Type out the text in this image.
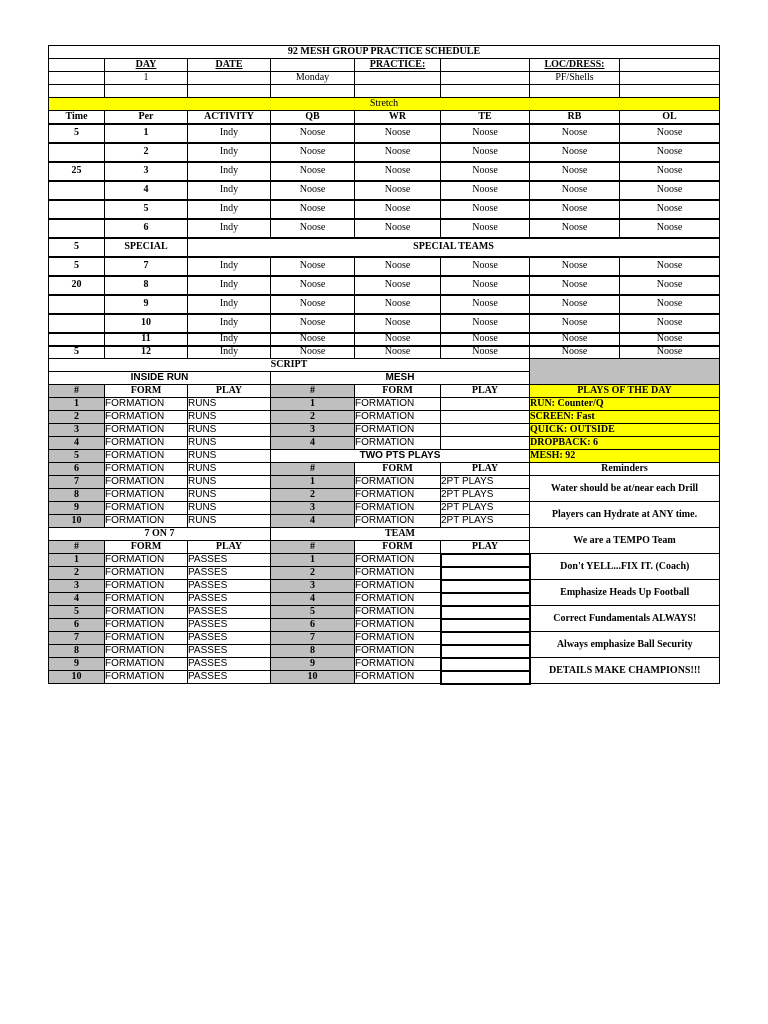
92 MESH GROUP PRACTICE SCHEDULE							
	DAY	DATE		PRACTICE:		LOC/DRESS:	
	1		Monday			PF/Shells	

Stretch							
Time	Per	ACTIVITY	QB	WR	TE	RB	OL
5	1	Indy	Noose	Noose	Noose	Noose	Noose
	2	Indy	Noose	Noose	Noose	Noose	Noose
25	3	Indy	Noose	Noose	Noose	Noose	Noose
	4	Indy	Noose	Noose	Noose	Noose	Noose
	5	Indy	Noose	Noose	Noose	Noose	Noose
	6	Indy	Noose	Noose	Noose	Noose	Noose
5	SPECIAL	SPECIAL TEAMS					
5	7	Indy	Noose	Noose	Noose	Noose	Noose
20	8	Indy	Noose	Noose	Noose	Noose	Noose
	9	Indy	Noose	Noose	Noose	Noose	Noose
	10	Indy	Noose	Noose	Noose	Noose	Noose
	11	Indy	Noose	Noose	Noose	Noose	Noose
5	12	Indy	Noose	Noose	Noose	Noose	Noose
SCRIPT						
INSIDE RUN			MESH			
#	FORM	PLAY	#	FORM	PLAY	PLAYS OF THE DAY
1	FORMATION	RUNS	1	FORMATION		RUN: Counter/Q
2	FORMATION	RUNS	2	FORMATION		SCREEN: Fast
3	FORMATION	RUNS	3	FORMATION		QUICK: OUTSIDE
4	FORMATION	RUNS	4	FORMATION		DROPBACK: 6
5	FORMATION	RUNS	TWO PTS PLAYS			MESH: 92
6	FORMATION	RUNS	#	FORM	PLAY	Reminders
7	FORMATION	RUNS	1	FORMATION	2PT PLAYS	Water should be at/near each Drill
8	FORMATION	RUNS	2	FORMATION	2PT PLAYS	
9	FORMATION	RUNS	3	FORMATION	2PT PLAYS	Players can Hydrate at ANY time.
10	FORMATION	RUNS	4	FORMATION	2PT PLAYS	
7 ON 7			TEAM			We are a TEMPO Team
#	FORM	PLAY	#	FORM	PLAY	
1	FORMATION	PASSES	1	FORMATION		Don't YELL...FIX IT. (Coach)
2	FORMATION	PASSES	2	FORMATION		
3	FORMATION	PASSES	3	FORMATION		Emphasize Heads Up Football
4	FORMATION	PASSES	4	FORMATION		
5	FORMATION	PASSES	5	FORMATION		Correct Fundamentals ALWAYS!
6	FORMATION	PASSES	6	FORMATION		
7	FORMATION	PASSES	7	FORMATION		Always emphasize Ball Security
8	FORMATION	PASSES	8	FORMATION		
9	FORMATION	PASSES	9	FORMATION		DETAILS MAKE CHAMPIONS!!!
10	FORMATION	PASSES	10	FORMATION		
